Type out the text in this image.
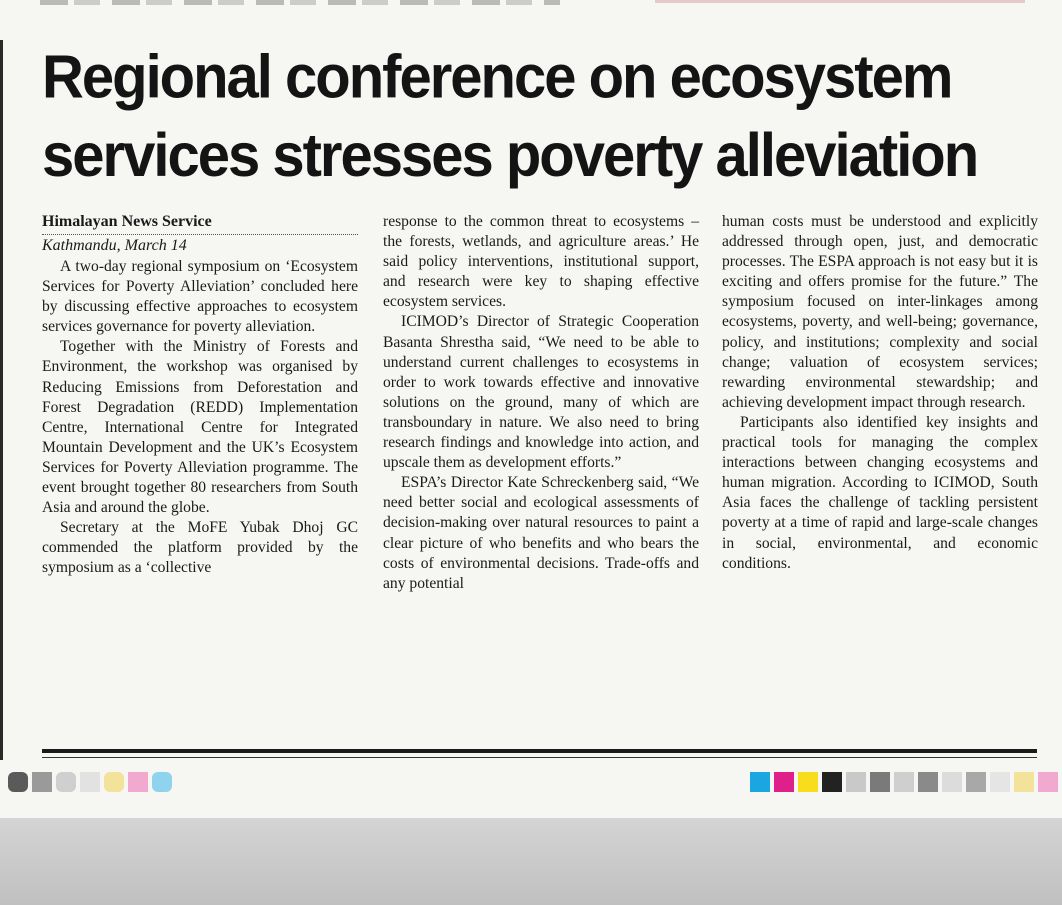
Regional conference on ecosystem
services stresses poverty alleviation

Himalayan News Service

Kathmandu, March 14

A two-day regional symposium on ‘Ecosystem Services for Poverty Alleviation’ concluded here by discussing effective approaches to ecosystem services governance for poverty alleviation.

Together with the Ministry of Forests and Environment, the workshop was organised by Reducing Emissions from Deforestation and Forest Degradation (REDD) Implementation Centre, International Centre for Integrated Mountain Development and the UK’s Ecosystem Services for Poverty Alleviation programme. The event brought together 80 researchers from South Asia and around the globe.

Secretary at the MoFE Yubak Dhoj GC commended the platform provided by the symposium as a ‘collective

response to the common threat to ecosystems – the forests, wetlands, and agriculture areas.’ He said policy interventions, institutional support, and research were key to shaping effective ecosystem services.

ICIMOD’s Director of Strategic Cooperation Basanta Shrestha said, “We need to be able to understand current challenges to ecosystems in order to work towards effective and innovative solutions on the ground, many of which are transboundary in nature. We also need to bring research findings and knowledge into action, and upscale them as development efforts.”

ESPA’s Director Kate Schreckenberg said, “We need better social and ecological assessments of decision-making over natural resources to paint a clear picture of who benefits and who bears the costs of environmental decisions. Trade-offs and any potential

human costs must be understood and explicitly addressed through open, just, and democratic processes. The ESPA approach is not easy but it is exciting and offers promise for the future.” The symposium focused on inter-linkages among ecosystems, poverty, and well-being; governance, policy, and institutions; complexity and social change; valuation of ecosystem services; rewarding environmental stewardship; and achieving development impact through research.

Participants also identified key insights and practical tools for managing the complex interactions between changing ecosystems and human migration. According to ICIMOD, South Asia faces the challenge of tackling persistent poverty at a time of rapid and large-scale changes in social, environmental, and economic conditions.
